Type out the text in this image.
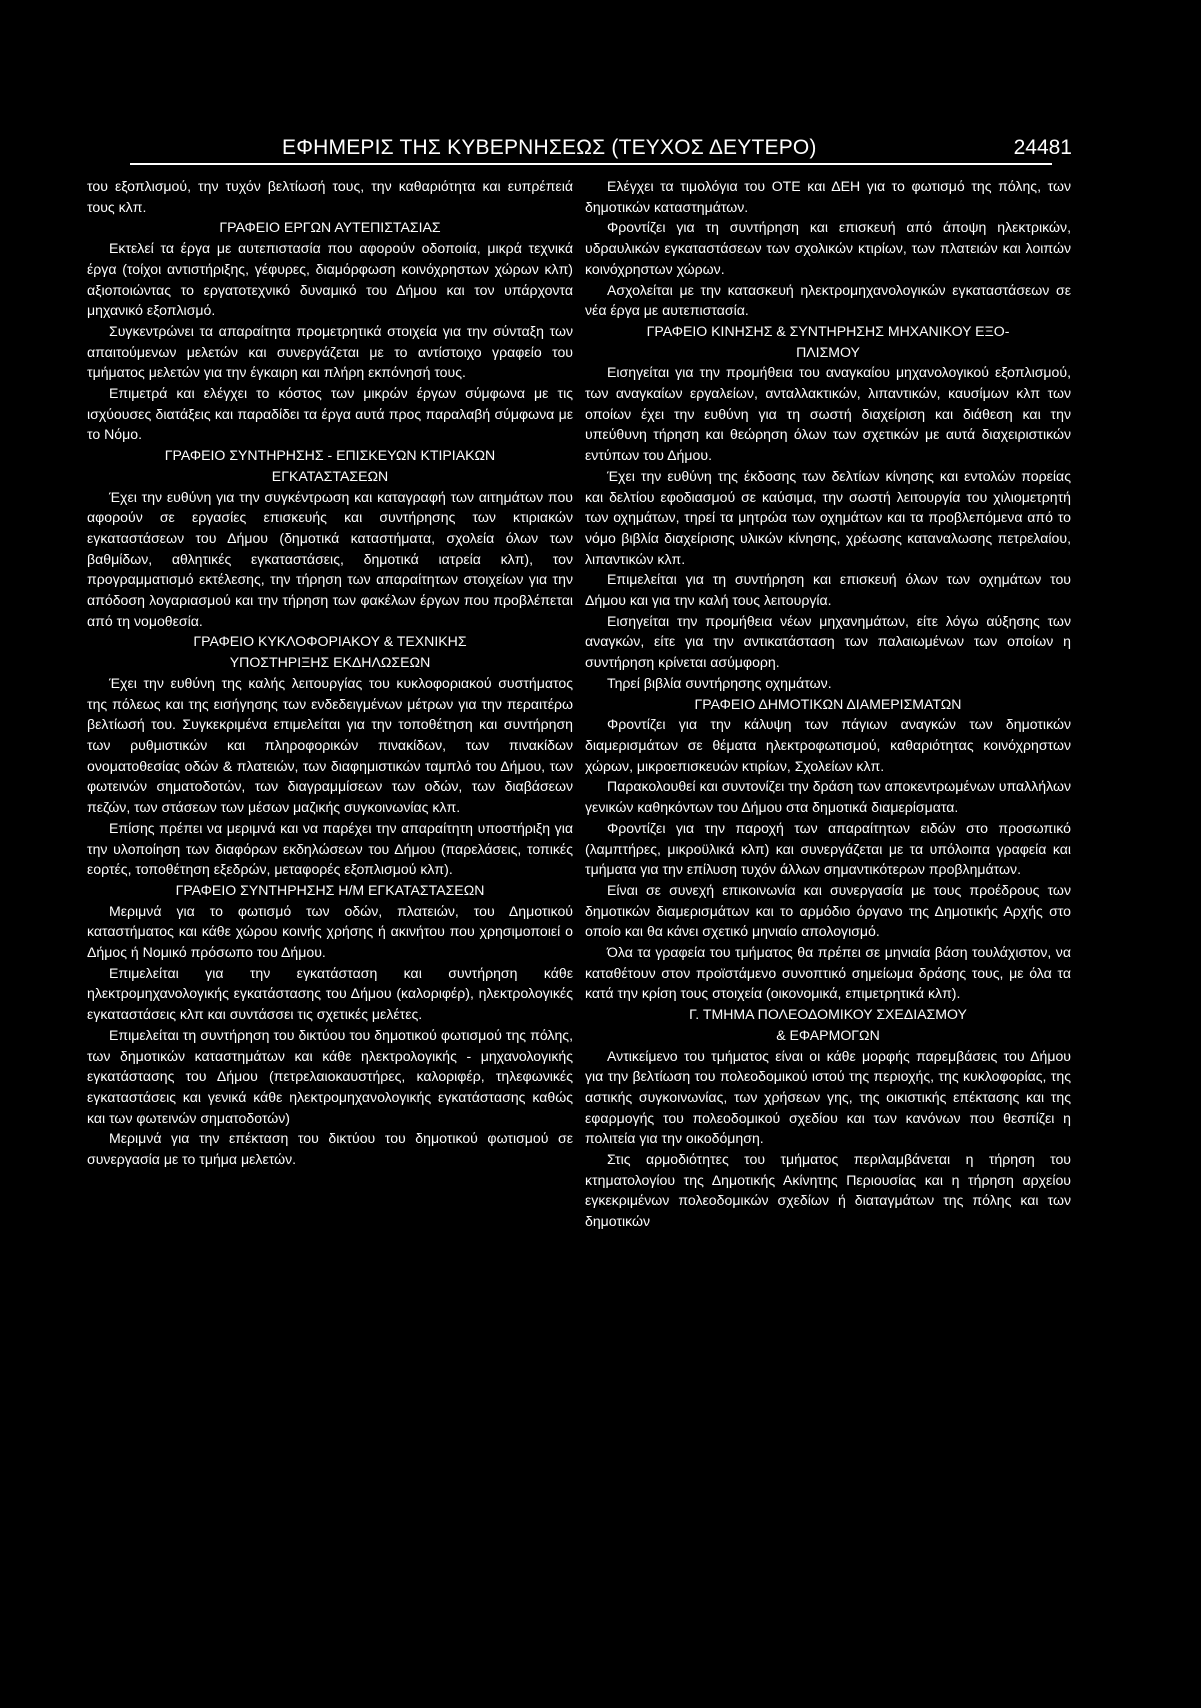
ΕΦΗΜΕΡΙΣ ΤΗΣ ΚΥΒΕΡΝΗΣΕΩΣ (ΤΕΥΧΟΣ ΔΕΥΤΕΡΟ)	24481

του εξοπλισμού, την τυχόν βελτίωσή τους, την καθαριότητα και ευπρέπειά τους κλπ.

ΓΡΑΦΕΙΟ ΕΡΓΩΝ ΑΥΤΕΠΙΣΤΑΣΙΑΣ

Εκτελεί τα έργα με αυτεπιστασία που αφορούν οδοποιία, μικρά τεχνικά έργα (τοίχοι αντιστήριξης, γέφυρες, διαμόρφωση κοινόχρηστων χώρων κλπ) αξιοποιώντας το εργατοτεχνικό δυναμικό του Δήμου και τον υπάρχοντα μηχανικό εξοπλισμό.

Συγκεντρώνει τα απαραίτητα προμετρητικά στοιχεία για την σύνταξη των απαιτούμενων μελετών και συνεργάζεται με το αντίστοιχο γραφείο του τμήματος μελετών για την έγκαιρη και πλήρη εκπόνησή τους.

Επιμετρά και ελέγχει το κόστος των μικρών έργων σύμφωνα με τις ισχύουσες διατάξεις και παραδίδει τα έργα αυτά προς παραλαβή σύμφωνα με το Νόμο.

ΓΡΑΦΕΙΟ ΣΥΝΤΗΡΗΣΗΣ - ΕΠΙΣΚΕΥΩΝ ΚΤΙΡΙΑΚΩΝ

ΕΓΚΑΤΑΣΤΑΣΕΩΝ

Έχει την ευθύνη για την συγκέντρωση και καταγραφή των αιτημάτων που αφορούν σε εργασίες επισκευής και συντήρησης των κτιριακών εγκαταστάσεων του Δήμου (δημοτικά καταστήματα, σχολεία όλων των βαθμίδων, αθλητικές εγκαταστάσεις, δημοτικά ιατρεία κλπ), τον προγραμματισμό εκτέλεσης, την τήρηση των απαραίτητων στοιχείων για την απόδοση λογαριασμού και την τήρηση των φακέλων έργων που προβλέπεται από τη νομοθεσία.

ΓΡΑΦΕΙΟ ΚΥΚΛΟΦΟΡΙΑΚΟΥ & ΤΕΧΝΙΚΗΣ

ΥΠΟΣΤΗΡΙΞΗΣ ΕΚΔΗΛΩΣΕΩΝ

Έχει την ευθύνη της καλής λειτουργίας του κυκλοφοριακού συστήματος της πόλεως και της εισήγησης των ενδεδειγμένων μέτρων για την περαιτέρω βελτίωσή του. Συγκεκριμένα επιμελείται για την τοποθέτηση και συντήρηση των ρυθμιστικών και πληροφορικών πινακίδων, των πινακίδων ονοματοθεσίας οδών & πλατειών, των διαφημιστικών ταμπλό του Δήμου, των φωτεινών σηματοδοτών, των διαγραμμίσεων των οδών, των διαβάσεων πεζών, των στάσεων των μέσων μαζικής συγκοινωνίας κλπ.

Επίσης πρέπει να μεριμνά και να παρέχει την απαραίτητη υποστήριξη για την υλοποίηση των διαφόρων εκδηλώσεων του Δήμου (παρελάσεις, τοπικές εορτές, τοποθέτηση εξεδρών, μεταφορές εξοπλισμού κλπ).

ΓΡΑΦΕΙΟ ΣΥΝΤΗΡΗΣΗΣ Η/Μ ΕΓΚΑΤΑΣΤΑΣΕΩΝ

Μεριμνά για το φωτισμό των οδών, πλατειών, του Δημοτικού καταστήματος και κάθε χώρου κοινής χρήσης ή ακινήτου που χρησιμοποιεί ο Δήμος ή Νομικό πρόσωπο του Δήμου.

Επιμελείται για την εγκατάσταση και συντήρηση κάθε ηλεκτρομηχανολογικής εγκατάστασης του Δήμου (καλοριφέρ), ηλεκτρολογικές εγκαταστάσεις κλπ και συντάσσει τις σχετικές μελέτες.

Επιμελείται τη συντήρηση του δικτύου του δημοτικού φωτισμού της πόλης, των δημοτικών καταστημάτων και κάθε ηλεκτρολογικής - μηχανολογικής εγκατάστασης του Δήμου (πετρελαιοκαυστήρες, καλοριφέρ, τηλεφωνικές εγκαταστάσεις και γενικά κάθε ηλεκτρομηχανολογικής εγκατάστασης καθώς και των φωτεινών σηματοδοτών)

Μεριμνά για την επέκταση του δικτύου του δημοτικού φωτισμού σε συνεργασία με το τμήμα μελετών.

Ελέγχει τα τιμολόγια του ΟΤΕ και ΔΕΗ για το φωτισμό της πόλης, των δημοτικών καταστημάτων.

Φροντίζει για τη συντήρηση και επισκευή από άποψη ηλεκτρικών, υδραυλικών εγκαταστάσεων των σχολικών κτιρίων, των πλατειών και λοιπών κοινόχρηστων χώρων.

Ασχολείται με την κατασκευή ηλεκτρομηχανολογικών εγκαταστάσεων σε νέα έργα με αυτεπιστασία.

ΓΡΑΦΕΙΟ ΚΙΝΗΣΗΣ & ΣΥΝΤΗΡΗΣΗΣ ΜΗΧΑΝΙΚΟΥ ΕΞΟ-

ΠΛΙΣΜΟΥ

Εισηγείται για την προμήθεια του αναγκαίου μηχανολογικού εξοπλισμού, των αναγκαίων εργαλείων, ανταλλακτικών, λιπαντικών, καυσίμων κλπ των οποίων έχει την ευθύνη για τη σωστή διαχείριση και διάθεση και την υπεύθυνη τήρηση και θεώρηση όλων των σχετικών με αυτά διαχειριστικών εντύπων του Δήμου.

Έχει την ευθύνη της έκδοσης των δελτίων κίνησης και εντολών πορείας και δελτίου εφοδιασμού σε καύσιμα, την σωστή λειτουργία του χιλιομετρητή των οχημάτων, τηρεί τα μητρώα των οχημάτων και τα προβλεπόμενα από το νόμο βιβλία διαχείρισης υλικών κίνησης, χρέωσης καταναλωσης πετρελαίου, λιπαντικών κλπ.

Επιμελείται για τη συντήρηση και επισκευή όλων των οχημάτων του Δήμου και για την καλή τους λειτουργία.

Εισηγείται την προμήθεια νέων μηχανημάτων, είτε λόγω αύξησης των αναγκών, είτε για την αντικατάσταση των παλαιωμένων των οποίων η συντήρηση κρίνεται ασύμφορη.

Τηρεί βιβλία συντήρησης οχημάτων.

ΓΡΑΦΕΙΟ ΔΗΜΟΤΙΚΩΝ ΔΙΑΜΕΡΙΣΜΑΤΩΝ

Φροντίζει για την κάλυψη των πάγιων αναγκών των δημοτικών διαμερισμάτων σε θέματα ηλεκτροφωτισμού, καθαριότητας κοινόχρηστων χώρων, μικροεπισκευών κτιρίων, Σχολείων κλπ.

Παρακολουθεί και συντονίζει την δράση των αποκεντρωμένων υπαλλήλων γενικών καθηκόντων του Δήμου στα δημοτικά διαμερίσματα.

Φροντίζει για την παροχή των απαραίτητων ειδών στο προσωπικό (λαμπτήρες, μικροϋλικά κλπ) και συνεργάζεται με τα υπόλοιπα γραφεία και τμήματα για την επίλυση τυχόν άλλων σημαντικότερων προβλημάτων.

Είναι σε συνεχή επικοινωνία και συνεργασία με τους προέδρους των δημοτικών διαμερισμάτων και το αρμόδιο όργανο της Δημοτικής Αρχής στο οποίο και θα κάνει σχετικό μηνιαίο απολογισμό.

Όλα τα γραφεία του τμήματος θα πρέπει σε μηνιαία βάση τουλάχιστον, να καταθέτουν στον προϊστάμενο συνοπτικό σημείωμα δράσης τους, με όλα τα κατά την κρίση τους στοιχεία (οικονομικά, επιμετρητικά κλπ).

Γ. ΤΜΗΜΑ ΠΟΛΕΟΔΟΜΙΚΟΥ ΣΧΕΔΙΑΣΜΟΥ

& ΕΦΑΡΜΟΓΩΝ

Αντικείμενο του τμήματος είναι οι κάθε μορφής παρεμβάσεις του Δήμου για την βελτίωση του πολεοδομικού ιστού της περιοχής, της κυκλοφορίας, της αστικής συγκοινωνίας, των χρήσεων γης, της οικιστικής επέκτασης και της εφαρμογής του πολεοδομικού σχεδίου και των κανόνων που θεσπίζει η πολιτεία για την οικοδόμηση.

Στις αρμοδιότητες του τμήματος περιλαμβάνεται η τήρηση του κτηματολογίου της Δημοτικής Ακίνητης Περιουσίας και η τήρηση αρχείου εγκεκριμένων πολεοδομικών σχεδίων ή διαταγμάτων της πόλης και των δημοτικών
